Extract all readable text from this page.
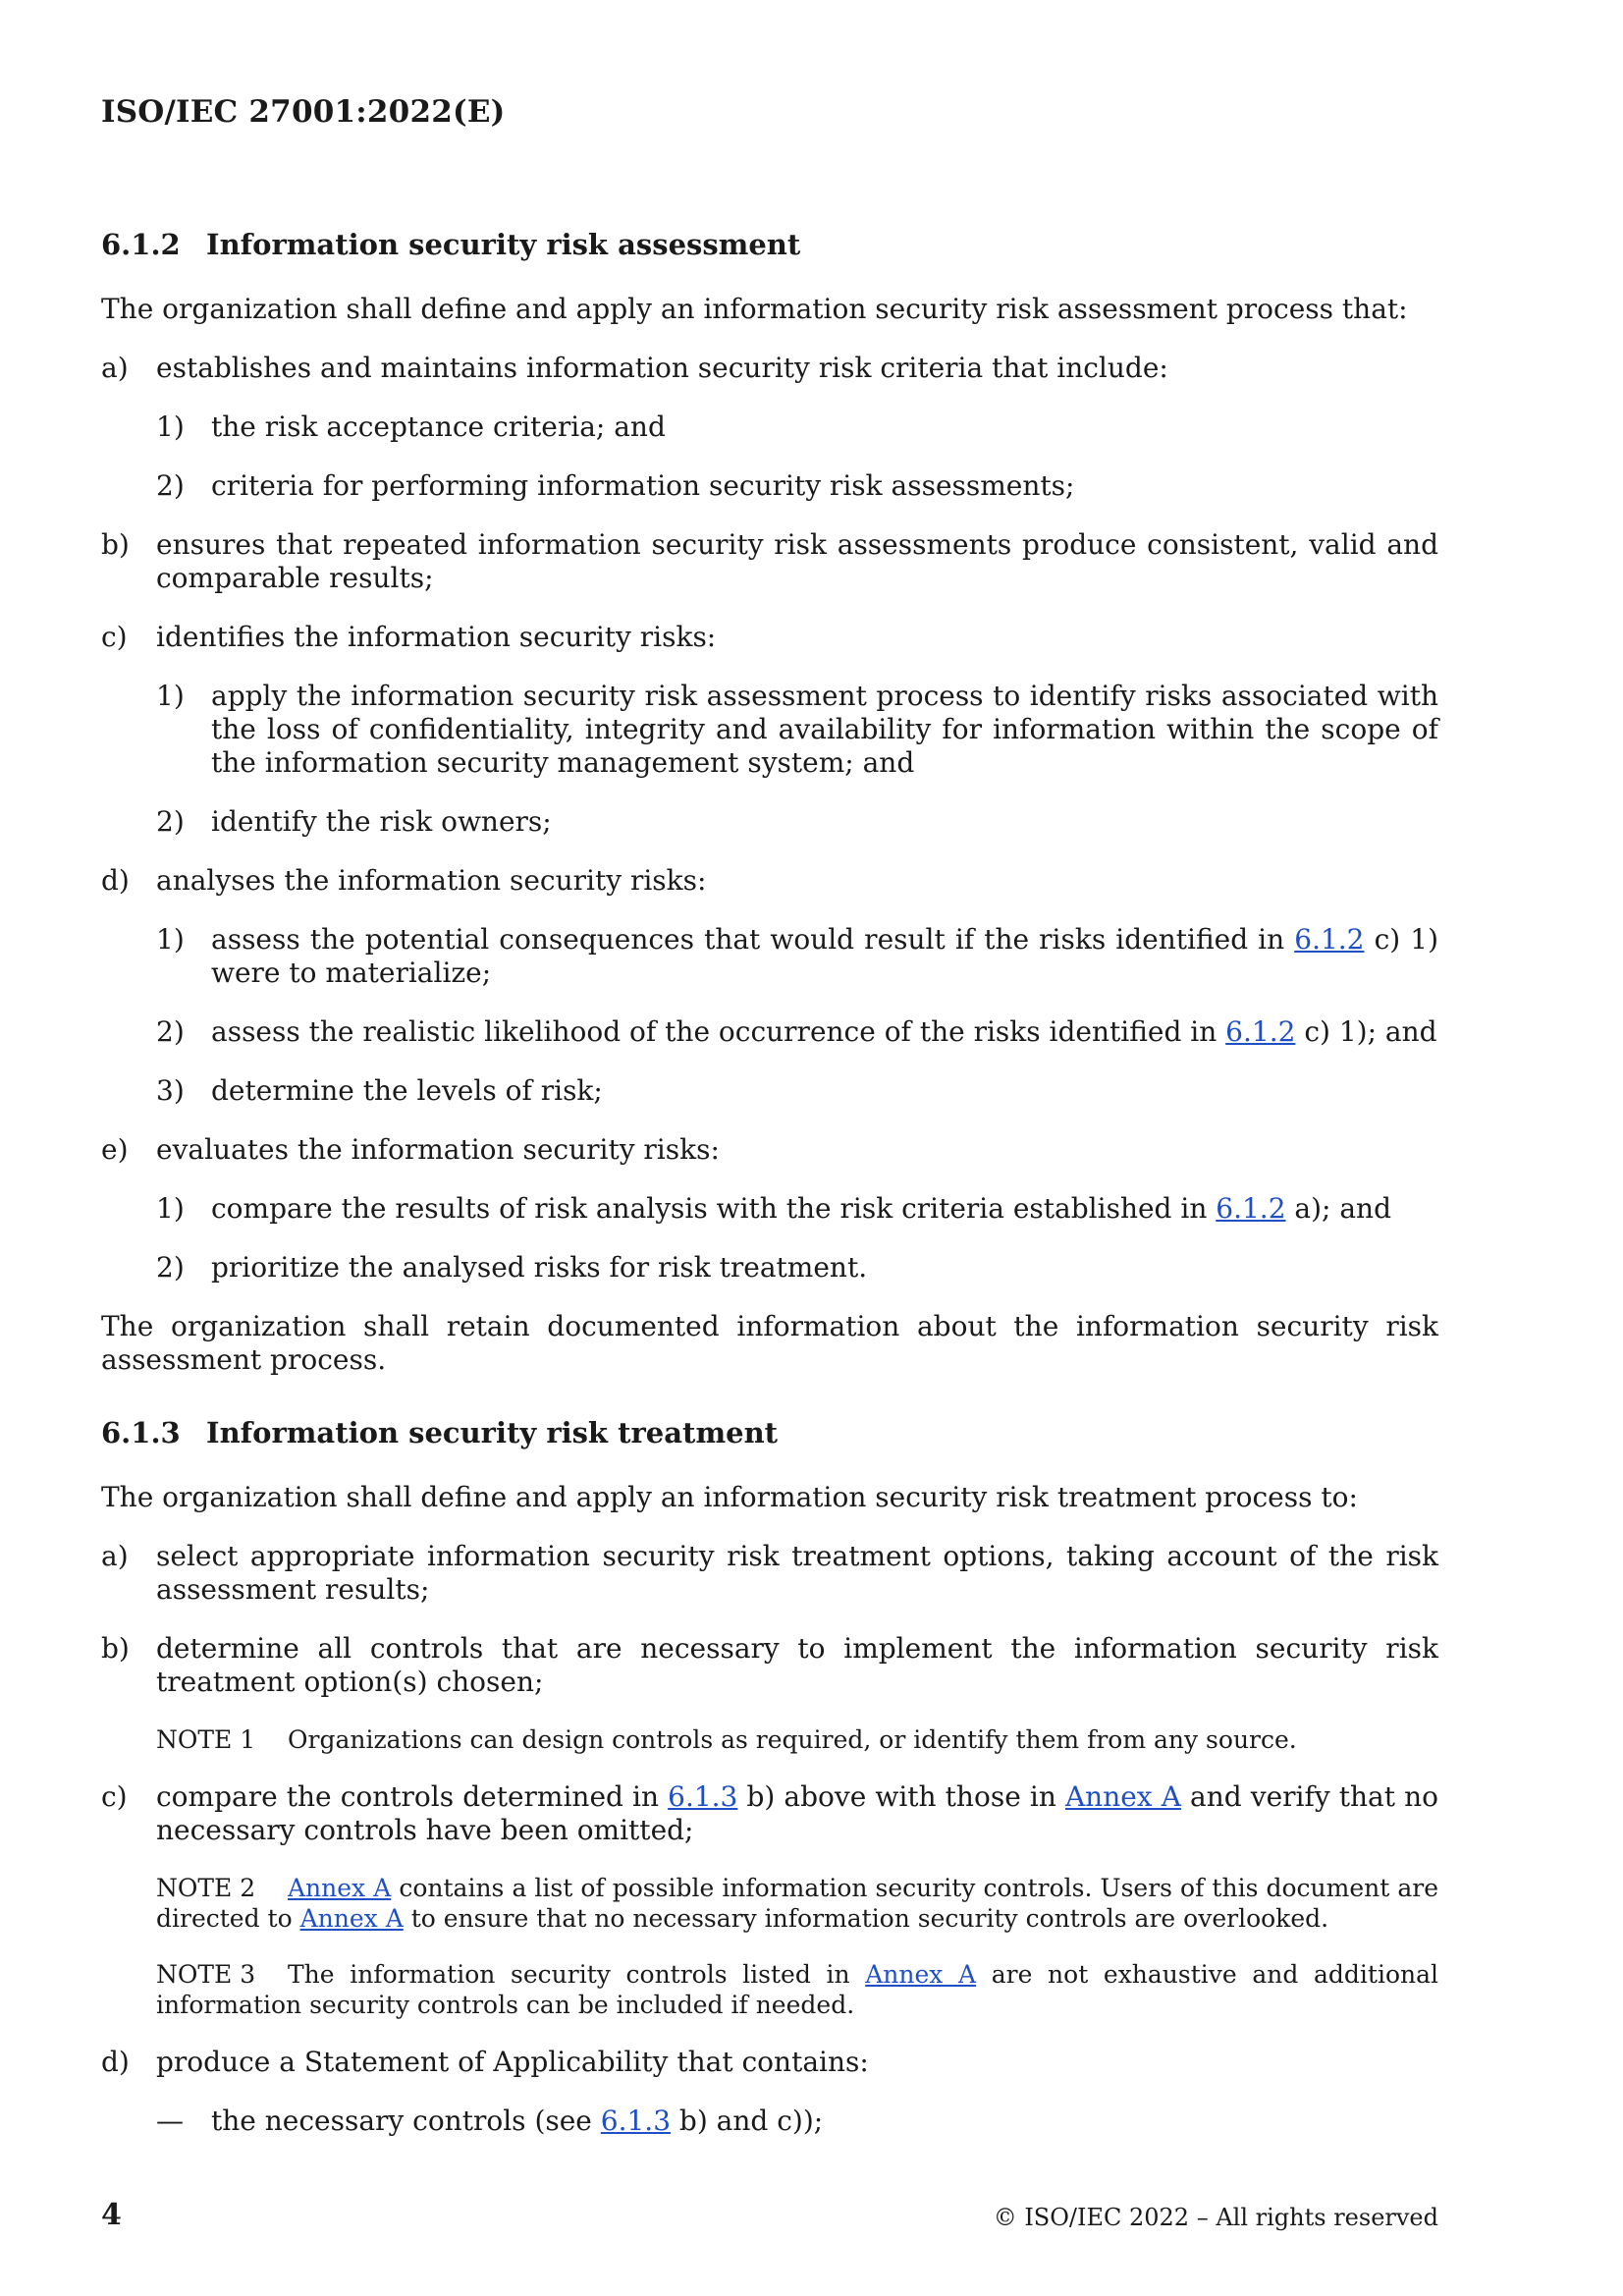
ISO/IEC 27001:2022(E)
6.1.2 Information security risk assessment

The organization shall define and apply an information security risk assessment process that:

a) establishes and maintains information security risk criteria that include:
1) the risk acceptance criteria; and
2) criteria for performing information security risk assessments;
b) ensures that repeated information security risk assessments produce consistent, valid and comparable results;
c) identifies the information security risks:
1) apply the information security risk assessment process to identify risks associated with the loss of confidentiality, integrity and availability for information within the scope of the information security management system; and
2) identify the risk owners;
d) analyses the information security risks:
1) assess the potential consequences that would result if the risks identified in 6.1.2 c) 1) were to materialize;
2) assess the realistic likelihood of the occurrence of the risks identified in 6.1.2 c) 1); and
3) determine the levels of risk;
e) evaluates the information security risks:
1) compare the results of risk analysis with the risk criteria established in 6.1.2 a); and
2) prioritize the analysed risks for risk treatment.

The organization shall retain documented information about the information security risk assessment process.

6.1.3 Information security risk treatment

The organization shall define and apply an information security risk treatment process to:

a) select appropriate information security risk treatment options, taking account of the risk assessment results;
b) determine all controls that are necessary to implement the information security risk treatment option(s) chosen;
NOTE 1 Organizations can design controls as required, or identify them from any source.
c) compare the controls determined in 6.1.3 b) above with those in Annex A and verify that no necessary controls have been omitted;
NOTE 2 Annex A contains a list of possible information security controls. Users of this document are directed to Annex A to ensure that no necessary information security controls are overlooked.
NOTE 3 The information security controls listed in Annex A are not exhaustive and additional information security controls can be included if needed.
d) produce a Statement of Applicability that contains:
— the necessary controls (see 6.1.3 b) and c));
4	© ISO/IEC 2022 – All rights reserved
